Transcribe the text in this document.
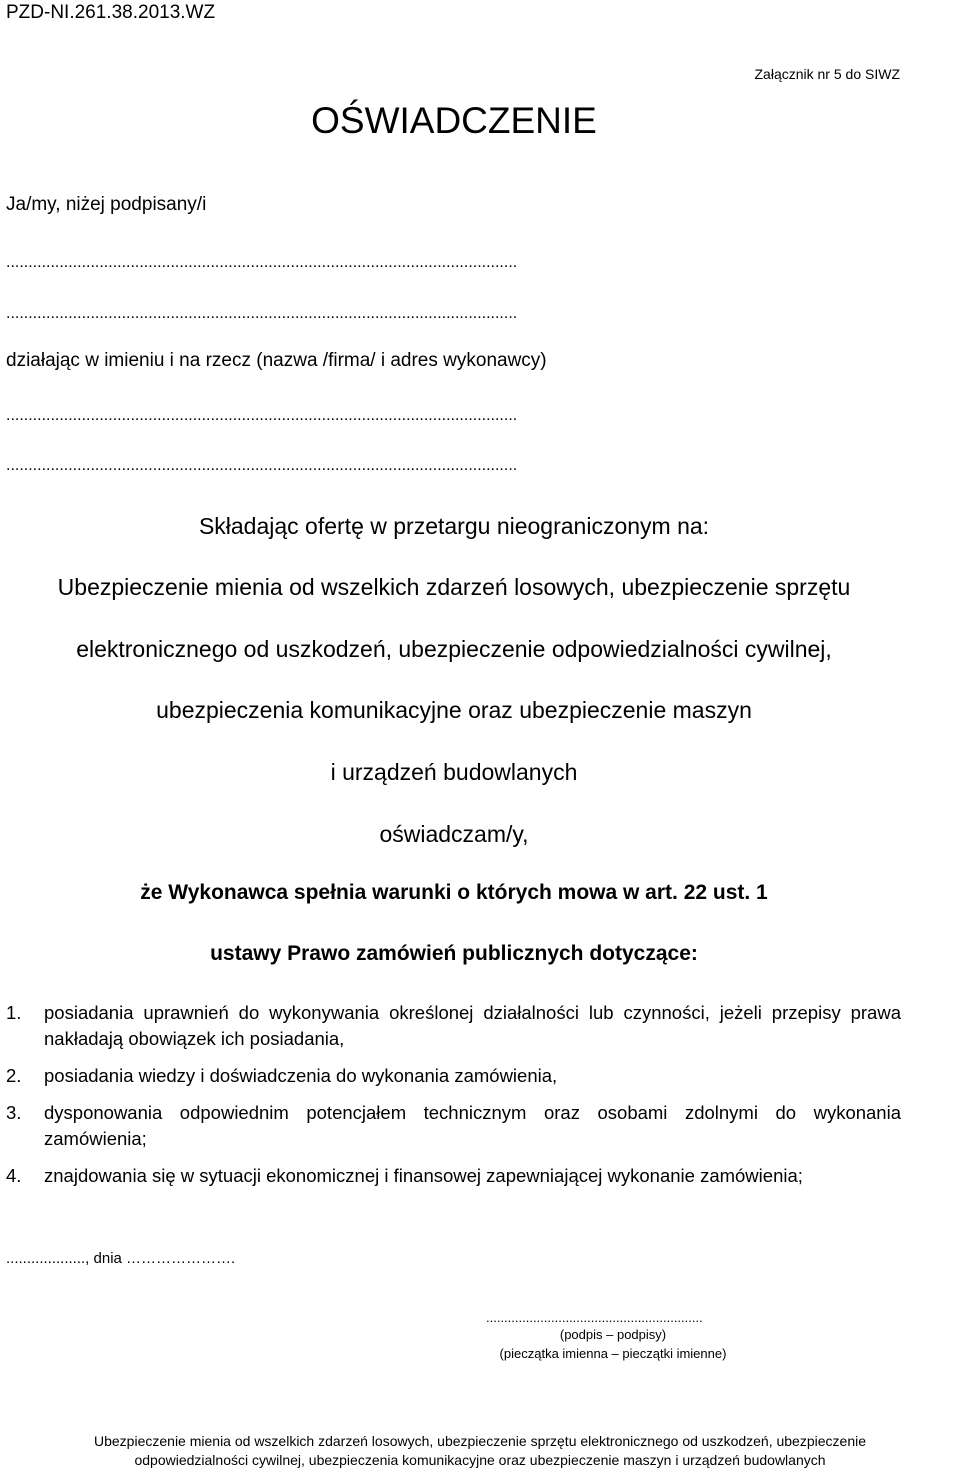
PZD-NI.261.38.2013.WZ
Załącznik nr 5 do SIWZ
OŚWIADCZENIE
Ja/my, niżej podpisany/i
...................................................................................................................
...................................................................................................................
działając w imieniu i na rzecz (nazwa /firma/ i adres wykonawcy)
...................................................................................................................
...................................................................................................................
Składając ofertę w przetargu nieograniczonym na:
Ubezpieczenie mienia od wszelkich zdarzeń losowych, ubezpieczenie sprzętu
elektronicznego od uszkodzeń, ubezpieczenie odpowiedzialności cywilnej,
ubezpieczenia komunikacyjne oraz ubezpieczenie maszyn
i urządzeń budowlanych
oświadczam/y,
że Wykonawca spełnia warunki o których mowa w art. 22 ust. 1
ustawy Prawo zamówień publicznych dotyczące:
1. posiadania uprawnień do wykonywania określonej działalności lub czynności, jeżeli przepisy prawa nakładają obowiązek ich posiadania,
2. posiadania wiedzy i doświadczenia do wykonania zamówienia,
3. dysponowania odpowiednim potencjałem technicznym oraz osobami zdolnymi do wykonania zamówienia;
4. znajdowania się w sytuacji ekonomicznej i finansowej zapewniającej wykonanie zamówienia;
..................., dnia ………………….
............................................................
(podpis – podpisy)
(pieczątka imienna – pieczątki imienne)
Ubezpieczenie mienia od wszelkich zdarzeń losowych, ubezpieczenie sprzętu elektronicznego od uszkodzeń, ubezpieczenie
odpowiedzialności cywilnej, ubezpieczenia komunikacyjne oraz ubezpieczenie maszyn i urządzeń budowlanych
